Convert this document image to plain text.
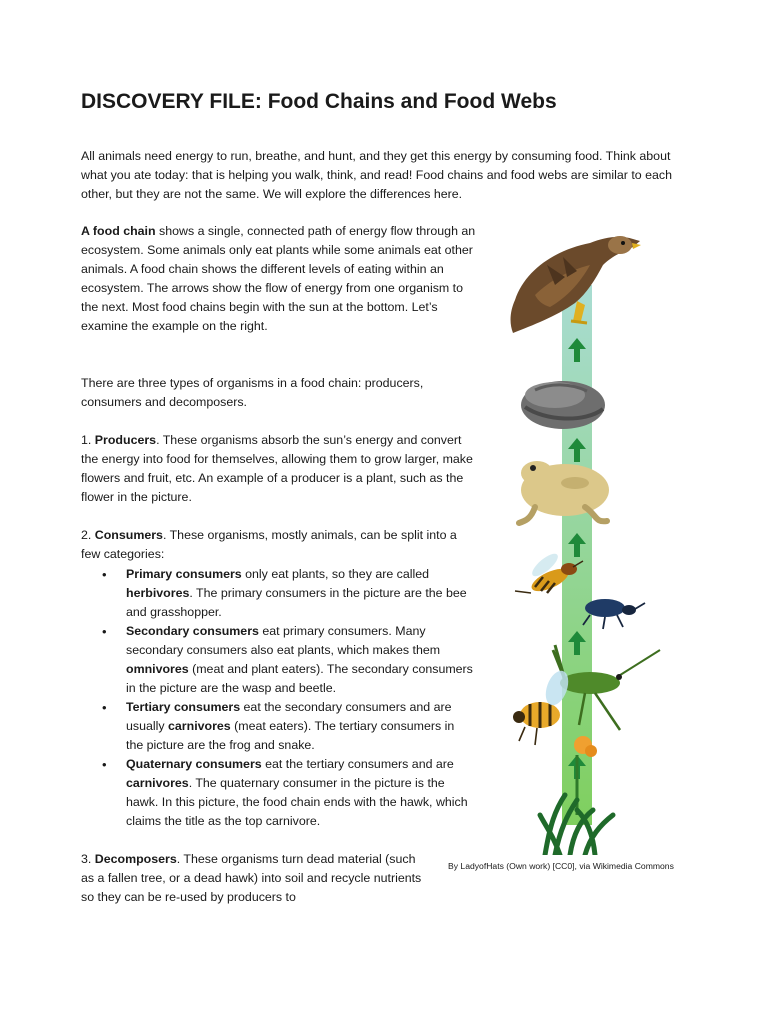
DISCOVERY FILE: Food Chains and Food Webs
All animals need energy to run, breathe, and hunt, and they get this energy by consuming food. Think about what you ate today: that is helping you walk, think, and read! Food chains and food webs are similar to each other, but they are not the same. We will explore the differences here.
A food chain shows a single, connected path of energy flow through an ecosystem. Some animals only eat plants while some animals eat other animals. A food chain shows the different levels of eating within an ecosystem. The arrows show the flow of energy from one organism to the next. Most food chains begin with the sun at the bottom. Let’s examine the example on the right.
There are three types of organisms in a food chain: producers, consumers and decomposers.
1. Producers. These organisms absorb the sun’s energy and convert the energy into food for themselves, allowing them to grow larger, make flowers and fruit, etc. An example of a producer is a plant, such as the flower in the picture.
2. Consumers. These organisms, mostly animals, can be split into a few categories:
• Primary consumers only eat plants, so they are called herbivores. The primary consumers in the picture are the bee and grasshopper.
• Secondary consumers eat primary consumers. Many secondary consumers also eat plants, which makes them omnivores (meat and plant eaters). The secondary consumers in the picture are the wasp and beetle.
• Tertiary consumers eat the secondary consumers and are usually carnivores (meat eaters). The tertiary consumers in the picture are the frog and snake.
• Quaternary consumers eat the tertiary consumers and are carnivores. The quaternary consumer in the picture is the hawk. In this picture, the food chain ends with the hawk, which claims the title as the top carnivore.
3. Decomposers. These organisms turn dead material (such as a fallen tree, or a dead hawk) into soil and recycle nutrients so they can be re-used by producers to
By LadyofHats (Own work) [CC0], via Wikimedia Commons
